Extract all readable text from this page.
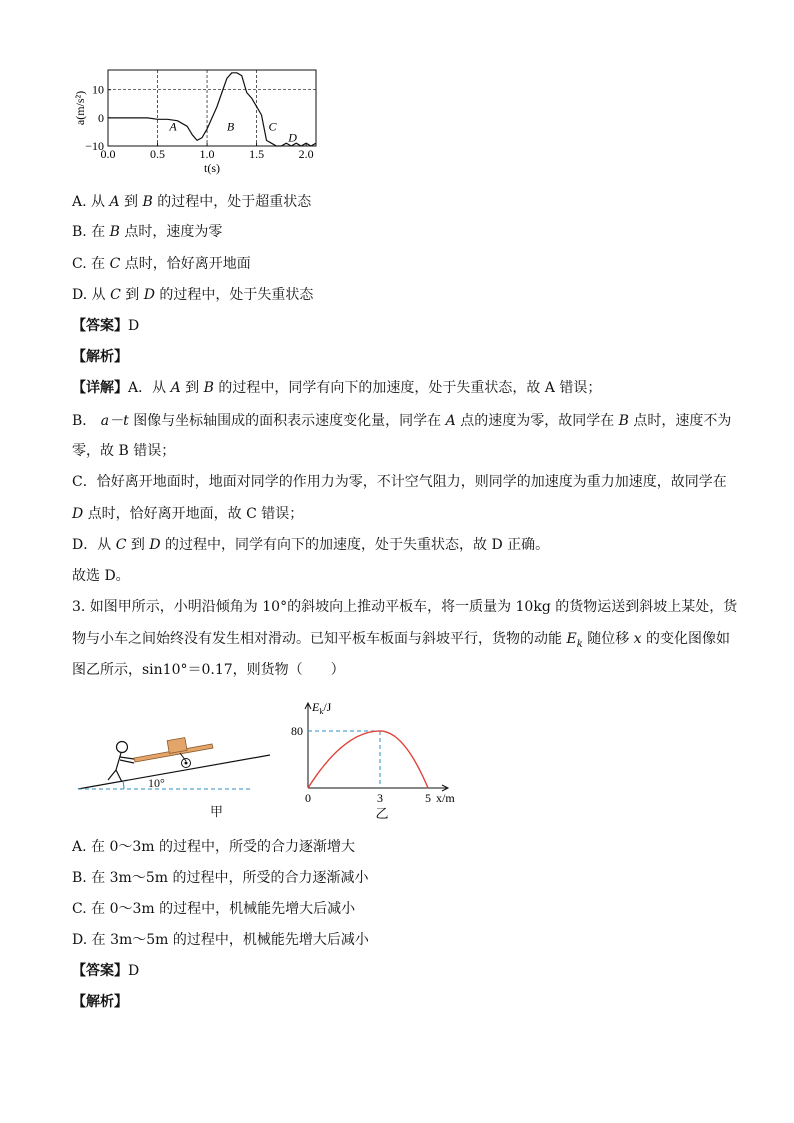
0.0	0.5	1.0	1.5	2.0
10
0
−10
t(s)
a(m/s²)
A	B	C
D
A. 从 A 到 B 的过程中，处于超重状态
B. 在 B 点时，速度为零
C. 在 C 点时，恰好离开地面
D. 从 C 到 D 的过程中，处于失重状态
【答案】D
【解析】
【详解】A．从 A 到 B 的过程中，同学有向下的加速度，处于失重状态，故 A 错误；
B． a－t 图像与坐标轴围成的面积表示速度变化量，同学在 A 点的速度为零，故同学在 B 点时，速度不为
零，故 B 错误；
C．恰好离开地面时，地面对同学的作用力为零，不计空气阻力，则同学的加速度为重力加速度，故同学在
D 点时，恰好离开地面，故 C 错误；
D．从 C 到 D 的过程中，同学有向下的加速度，处于失重状态，故 D 正确。
故选 D。
3. 如图甲所示，小明沿倾角为 10°的斜坡向上推动平板车，将一质量为 10kg 的货物运送到斜坡上某处，货
物与小车之间始终没有发生相对滑动。已知平板车板面与斜坡平行，货物的动能 $E_k$ 随位移 x 的变化图像如
图乙所示，sin10°＝0.17，则货物（　　）
10°
甲
$E_k/J$
80
0	3	5 x/m
乙
A. 在 0～3m 的过程中，所受的合力逐渐增大
B. 在 3m～5m 的过程中，所受的合力逐渐减小
C. 在 0～3m 的过程中，机械能先增大后减小
D. 在 3m～5m 的过程中，机械能先增大后减小
【答案】D
【解析】
